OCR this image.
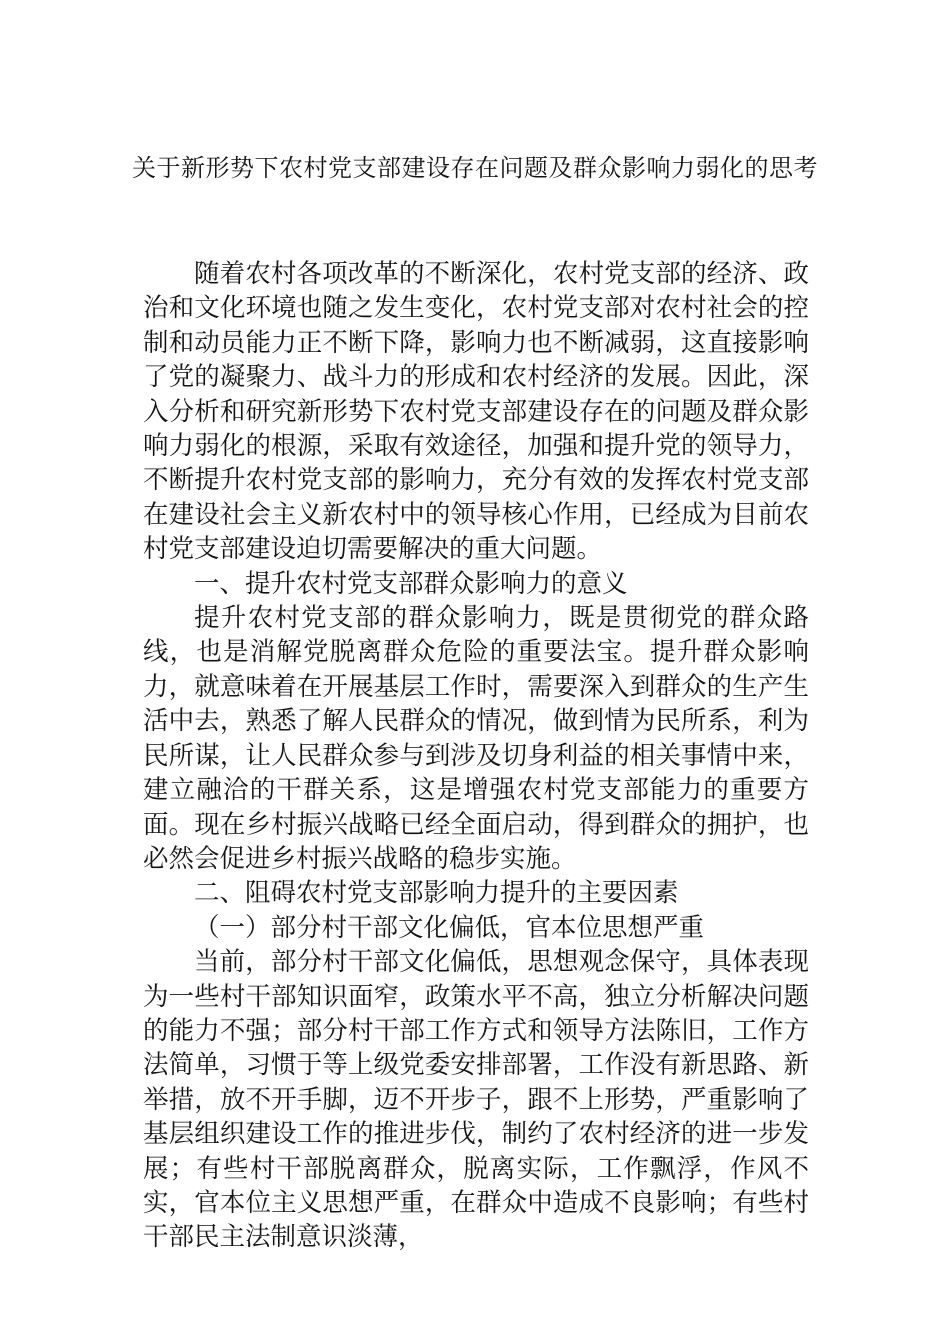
关于新形势下农村党支部建设存在问题及群众影响力弱化的思考

随着农村各项改革的不断深化，农村党支部的经济、政治和文化环境也随之发生变化，农村党支部对农村社会的控制和动员能力正不断下降，影响力也不断减弱，这直接影响了党的凝聚力、战斗力的形成和农村经济的发展。因此，深入分析和研究新形势下农村党支部建设存在的问题及群众影响力弱化的根源，采取有效途径，加强和提升党的领导力，不断提升农村党支部的影响力，充分有效的发挥农村党支部在建设社会主义新农村中的领导核心作用，已经成为目前农村党支部建设迫切需要解决的重大问题。

一、提升农村党支部群众影响力的意义

提升农村党支部的群众影响力，既是贯彻党的群众路线，也是消解党脱离群众危险的重要法宝。提升群众影响力，就意味着在开展基层工作时，需要深入到群众的生产生活中去，熟悉了解人民群众的情况，做到情为民所系，利为民所谋，让人民群众参与到涉及切身利益的相关事情中来，建立融洽的干群关系，这是增强农村党支部能力的重要方面。现在乡村振兴战略已经全面启动，得到群众的拥护，也必然会促进乡村振兴战略的稳步实施。

二、阻碍农村党支部影响力提升的主要因素

（一）部分村干部文化偏低，官本位思想严重

当前，部分村干部文化偏低，思想观念保守，具体表现为一些村干部知识面窄，政策水平不高，独立分析解决问题的能力不强；部分村干部工作方式和领导方法陈旧，工作方法简单，习惯于等上级党委安排部署，工作没有新思路、新举措，放不开手脚，迈不开步子，跟不上形势，严重影响了基层组织建设工作的推进步伐，制约了农村经济的进一步发展；有些村干部脱离群众，脱离实际，工作飘浮，作风不实，官本位主义思想严重，在群众中造成不良影响；有些村干部民主法制意识淡薄，
